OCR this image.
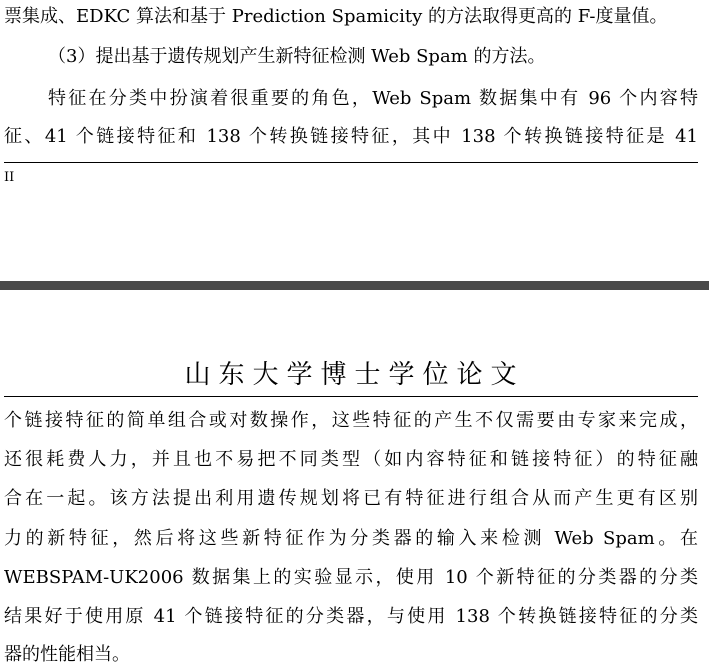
票集成、EDKC 算法和基于 Prediction Spamicity 的方法取得更高的 F-度量值。

（3）提出基于遗传规划产生新特征检测 Web Spam 的方法。

特征在分类中扮演着很重要的角色，Web Spam 数据集中有 96 个内容特

征、41 个链接特征和 138 个转换链接特征，其中 138 个转换链接特征是 41

II
山东大学博士学位论文

个链接特征的简单组合或对数操作，这些特征的产生不仅需要由专家来完成，

还很耗费人力，并且也不易把不同类型（如内容特征和链接特征）的特征融

合在一起。该方法提出利用遗传规划将已有特征进行组合从而产生更有区别

力的新特征，然后将这些新特征作为分类器的输入来检测 Web Spam。在

WEBSPAM-UK2006 数据集上的实验显示，使用 10 个新特征的分类器的分类

结果好于使用原 41 个链接特征的分类器，与使用 138 个转换链接特征的分类

器的性能相当。
